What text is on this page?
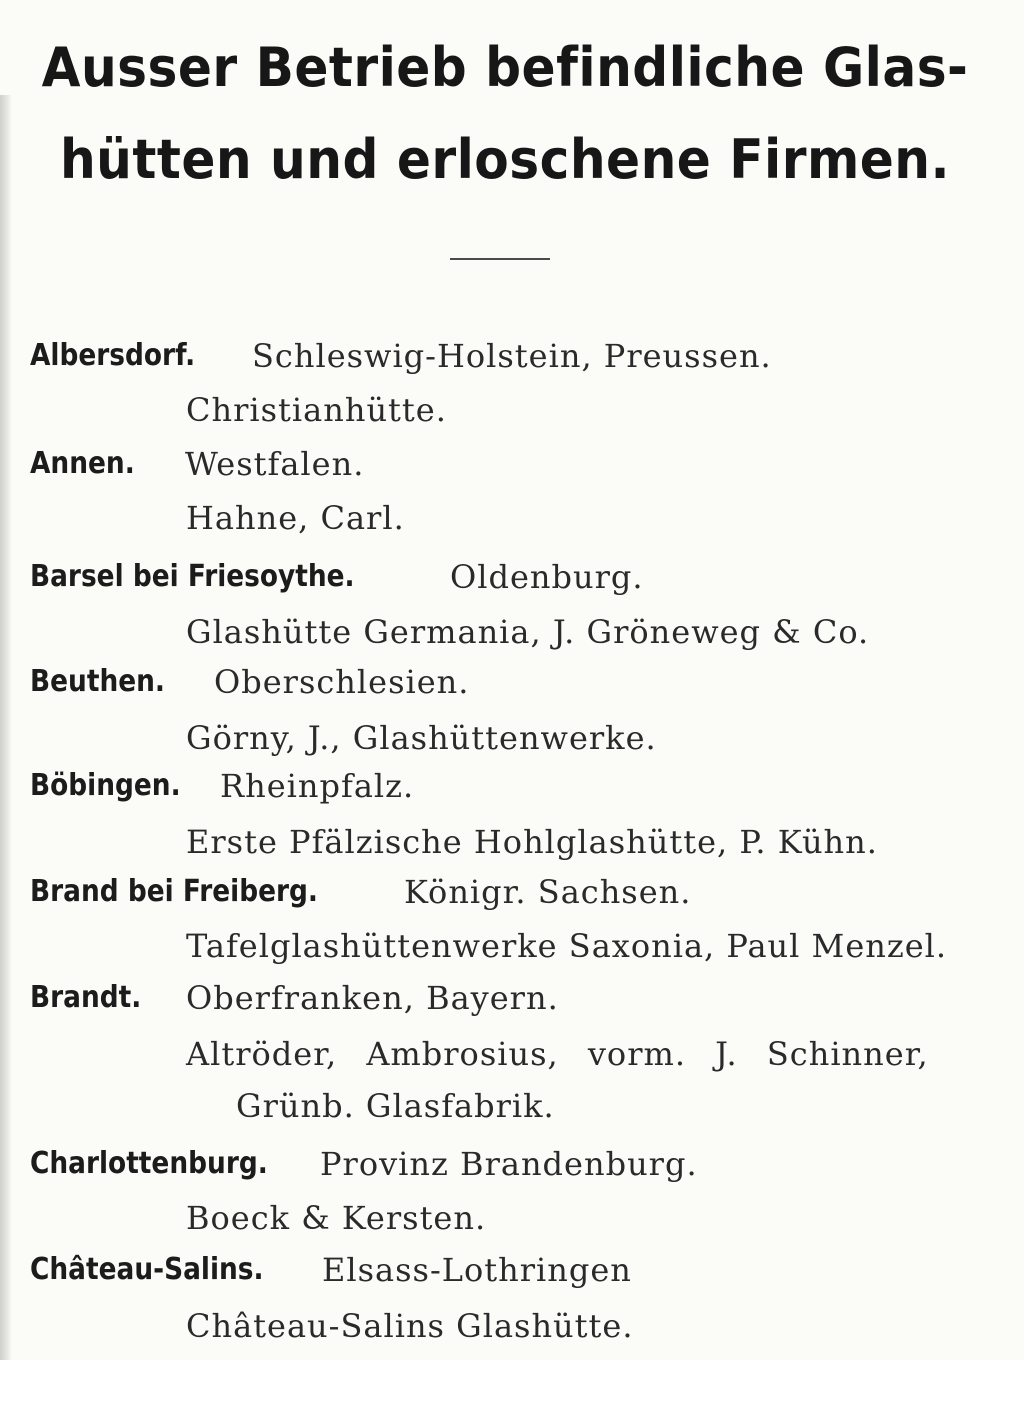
Ausser Betrieb befindliche Glas-
hütten und erloschene Firmen.
Albersdorf. Schleswig-Holstein, Preussen.
Christianhütte.
Annen. Westfalen.
Hahne, Carl.
Barsel bei Friesoythe.	Oldenburg.
Glashütte Germania, J. Gröneweg & Co.
Beuthen. Oberschlesien.
Görny, J., Glashüttenwerke.
Böbingen. Rheinpfalz.
Erste Pfälzische Hohlglashütte, P. Kühn.
Brand bei Freiberg.	Königr. Sachsen.
Tafelglashüttenwerke Saxonia, Paul Menzel.
Brandt. Oberfranken, Bayern.
Altröder, Ambrosius, vorm. J. Schinner,
Grünb. Glasfabrik.
Charlottenburg. Provinz Brandenburg.
Boeck & Kersten.
Château-Salins. Elsass-Lothringen
Château-Salins Glashütte.
